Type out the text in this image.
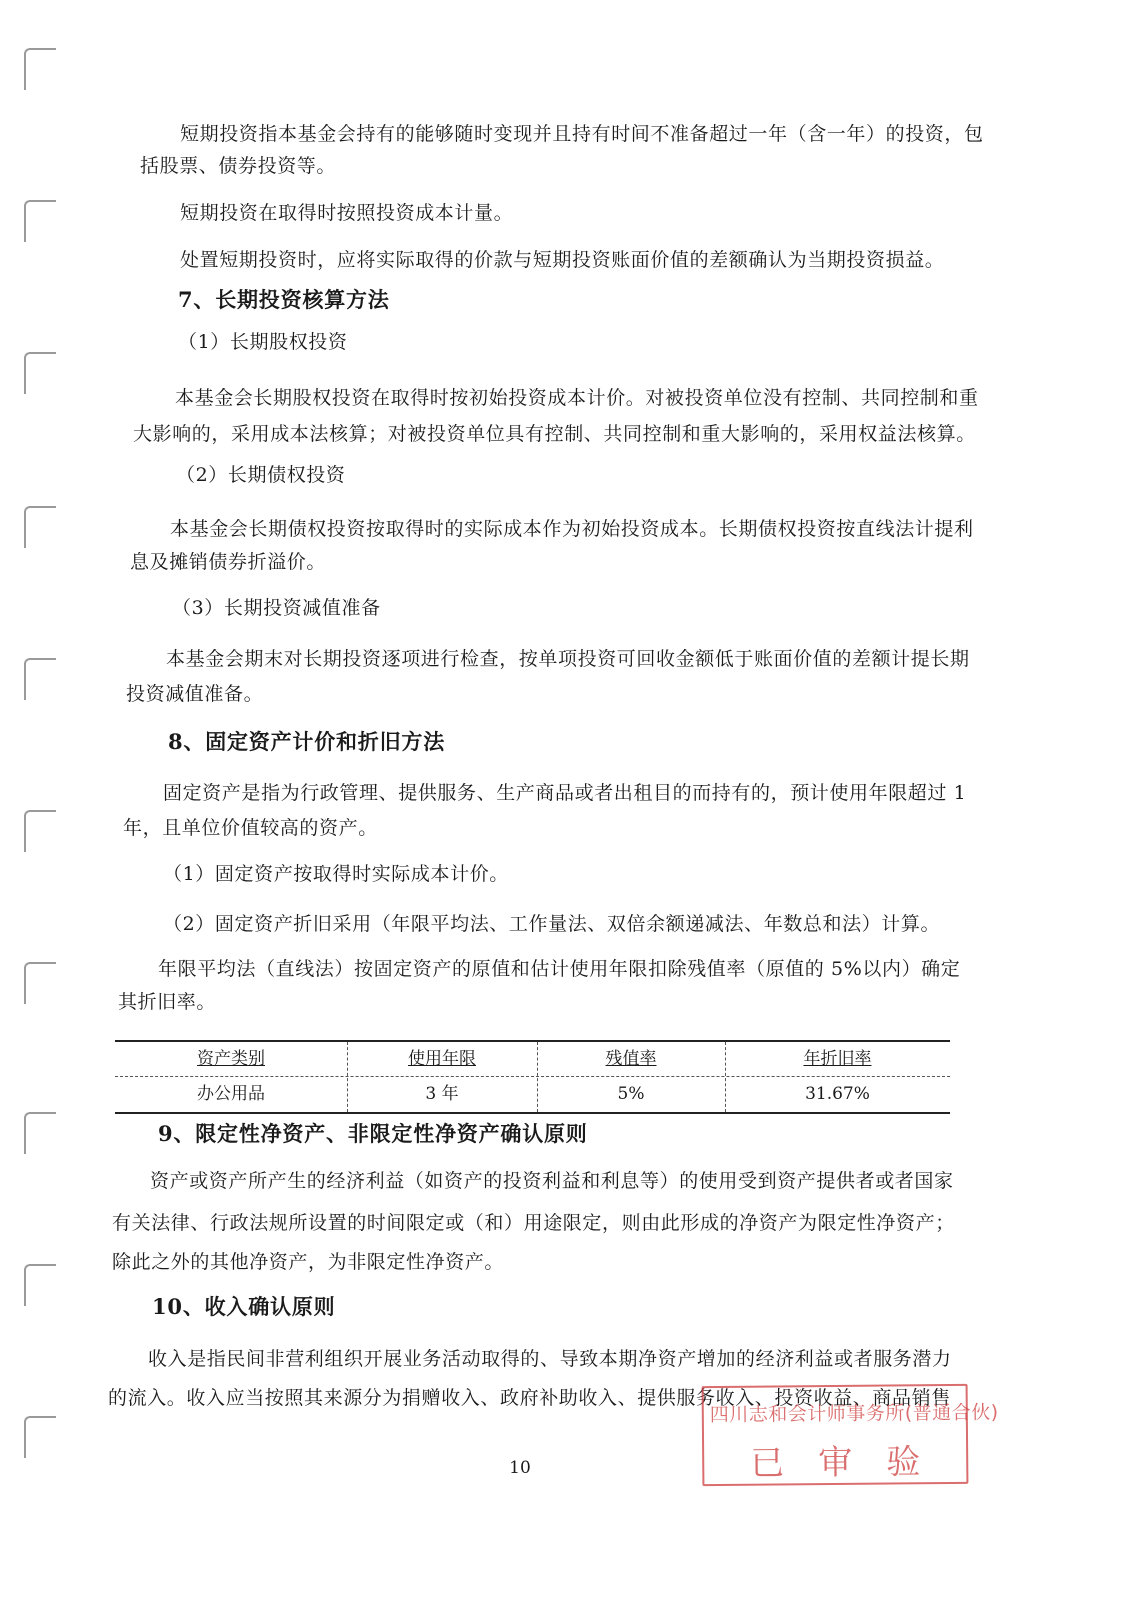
短期投资指本基金会持有的能够随时变现并且持有时间不准备超过一年（含一年）的投资，包
括股票、债券投资等。
短期投资在取得时按照投资成本计量。
处置短期投资时，应将实际取得的价款与短期投资账面价值的差额确认为当期投资损益。
7、长期投资核算方法
（1）长期股权投资
本基金会长期股权投资在取得时按初始投资成本计价。对被投资单位没有控制、共同控制和重
大影响的，采用成本法核算；对被投资单位具有控制、共同控制和重大影响的，采用权益法核算。
（2）长期债权投资
本基金会长期债权投资按取得时的实际成本作为初始投资成本。长期债权投资按直线法计提利
息及摊销债券折溢价。
（3）长期投资减值准备
本基金会期末对长期投资逐项进行检查，按单项投资可回收金额低于账面价值的差额计提长期
投资减值准备。
8、固定资产计价和折旧方法
固定资产是指为行政管理、提供服务、生产商品或者出租目的而持有的，预计使用年限超过 1
年，且单位价值较高的资产。
（1）固定资产按取得时实际成本计价。
（2）固定资产折旧采用（年限平均法、工作量法、双倍余额递减法、年数总和法）计算。
年限平均法（直线法）按固定资产的原值和估计使用年限扣除残值率（原值的 5%以内）确定
其折旧率。
资产类别	使用年限	残值率	年折旧率
办公用品	3 年	5%	31.67%
9、限定性净资产、非限定性净资产确认原则
资产或资产所产生的经济利益（如资产的投资利益和利息等）的使用受到资产提供者或者国家
有关法律、行政法规所设置的时间限定或（和）用途限定，则由此形成的净资产为限定性净资产；
除此之外的其他净资产，为非限定性净资产。
10、收入确认原则
收入是指民间非营利组织开展业务活动取得的、导致本期净资产增加的经济利益或者服务潜力
的流入。收入应当按照其来源分为捐赠收入、政府补助收入、提供服务收入、投资收益、商品销售
10
四川志和会计师事务所(普通合伙)
已审验
